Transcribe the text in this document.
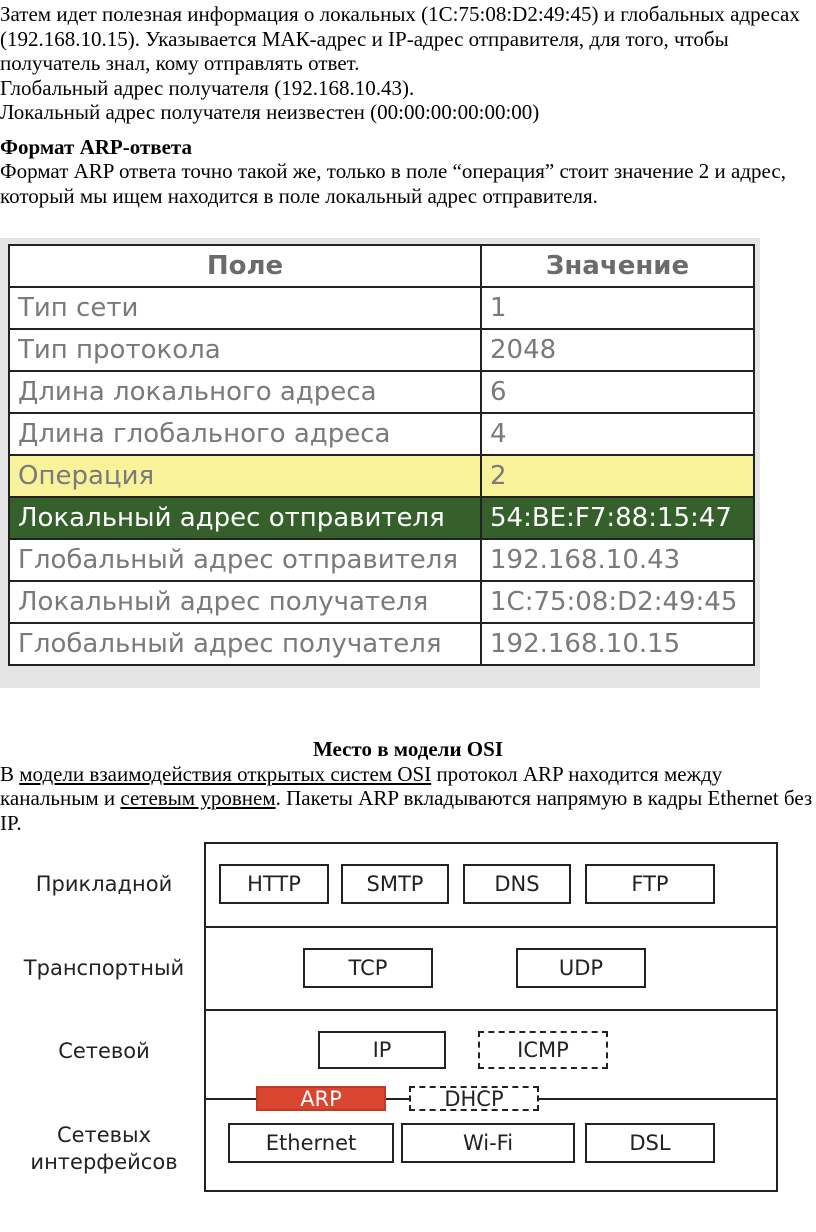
Затем идет полезная информация о локальных (1C:75:08:D2:49:45) и глобальных адресах
(192.168.10.15). Указывается МАК-адрес и IP-адрес отправителя, для того, чтобы
получатель знал, кому отправлять ответ.
Глобальный адрес получателя (192.168.10.43).
Локальный адрес получателя неизвестен (00:00:00:00:00:00)
Формат ARP-ответа
Формат ARP ответа точно такой же, только в поле “операция” стоит значение 2 и адрес,
который мы ищем находится в поле локальный адрес отправителя.
Поле	Значение
Тип сети	1
Тип протокола	2048
Длина локального адреса	6
Длина глобального адреса	4
Операция	2
Локальный адрес отправителя	54:BE:F7:88:15:47
Глобальный адрес отправителя	192.168.10.43
Локальный адрес получателя	1C:75:08:D2:49:45
Глобальный адрес получателя	192.168.10.15
Место в модели OSI
В модели взаимодействия открытых систем OSI протокол ARP находится между
канальным и сетевым уровнем. Пакеты ARP вкладываются напрямую в кадры Ethernet без
IP.
Прикладной
Транспортный
Сетевой
Сетевых
интерфейсов
HTTP	SMTP	DNS	FTP
TCP	UDP
IP	ICMP
ARP	DHCP
Ethernet	Wi-Fi	DSL
